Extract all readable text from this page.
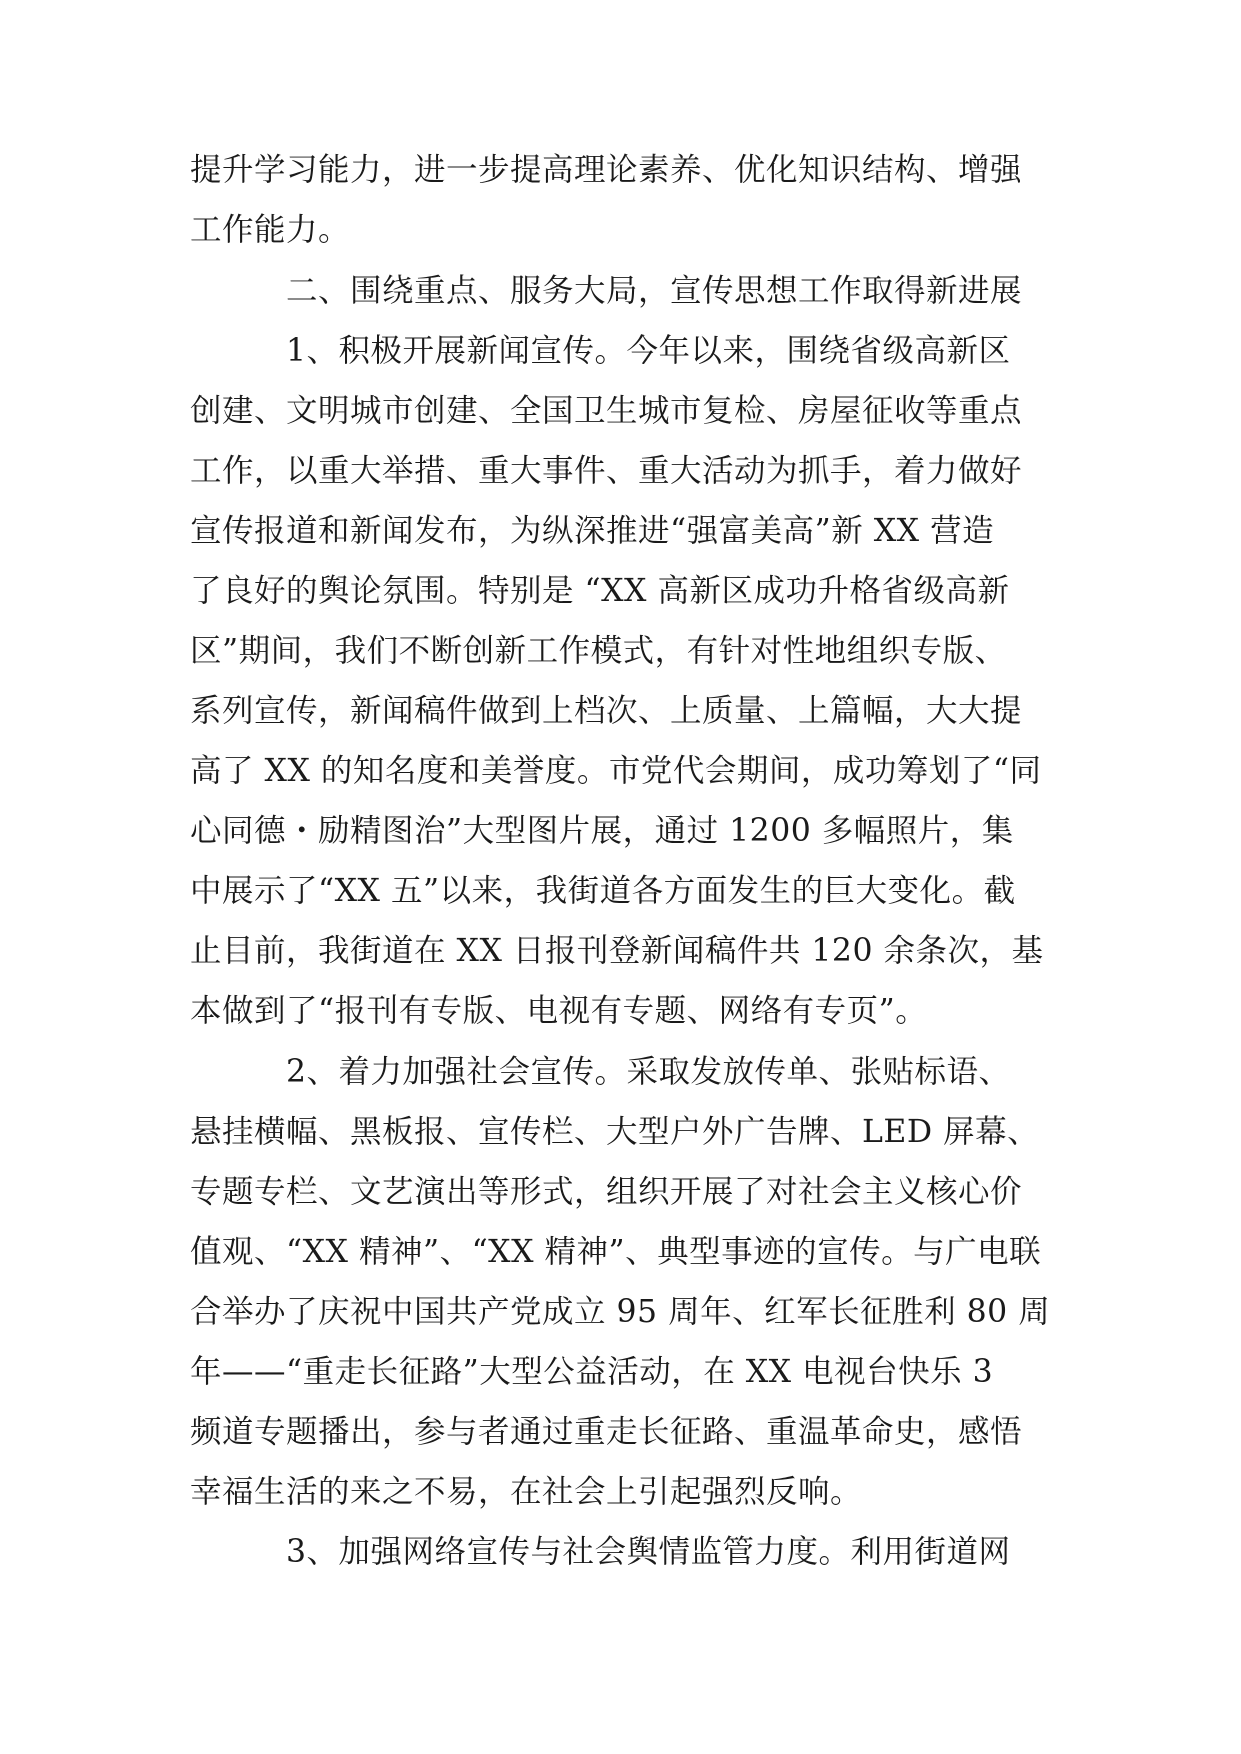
提升学习能力，进一步提高理论素养、优化知识结构、增强
工作能力。
二、围绕重点、服务大局，宣传思想工作取得新进展
1、积极开展新闻宣传。今年以来，围绕省级高新区
创建、文明城市创建、全国卫生城市复检、房屋征收等重点
工作，以重大举措、重大事件、重大活动为抓手，着力做好
宣传报道和新闻发布，为纵深推进“强富美高”新 XX 营造
了良好的舆论氛围。特别是 “XX 高新区成功升格省级高新
区”期间，我们不断创新工作模式，有针对性地组织专版、
系列宣传，新闻稿件做到上档次、上质量、上篇幅，大大提
高了 XX 的知名度和美誉度。市党代会期间，成功筹划了“同
心同德・励精图治”大型图片展，通过 1200 多幅照片，集
中展示了“XX 五”以来，我街道各方面发生的巨大变化。截
止目前，我街道在 XX 日报刊登新闻稿件共 120 余条次，基
本做到了“报刊有专版、电视有专题、网络有专页”。
2、着力加强社会宣传。采取发放传单、张贴标语、
悬挂横幅、黑板报、宣传栏、大型户外广告牌、LED 屏幕、
专题专栏、文艺演出等形式，组织开展了对社会主义核心价
值观、“XX 精神”、“XX 精神”、典型事迹的宣传。与广电联
合举办了庆祝中国共产党成立 95 周年、红军长征胜利 80 周
年——“重走长征路”大型公益活动，在 XX 电视台快乐 3
频道专题播出，参与者通过重走长征路、重温革命史，感悟
幸福生活的来之不易，在社会上引起强烈反响。
3、加强网络宣传与社会舆情监管力度。利用街道网
